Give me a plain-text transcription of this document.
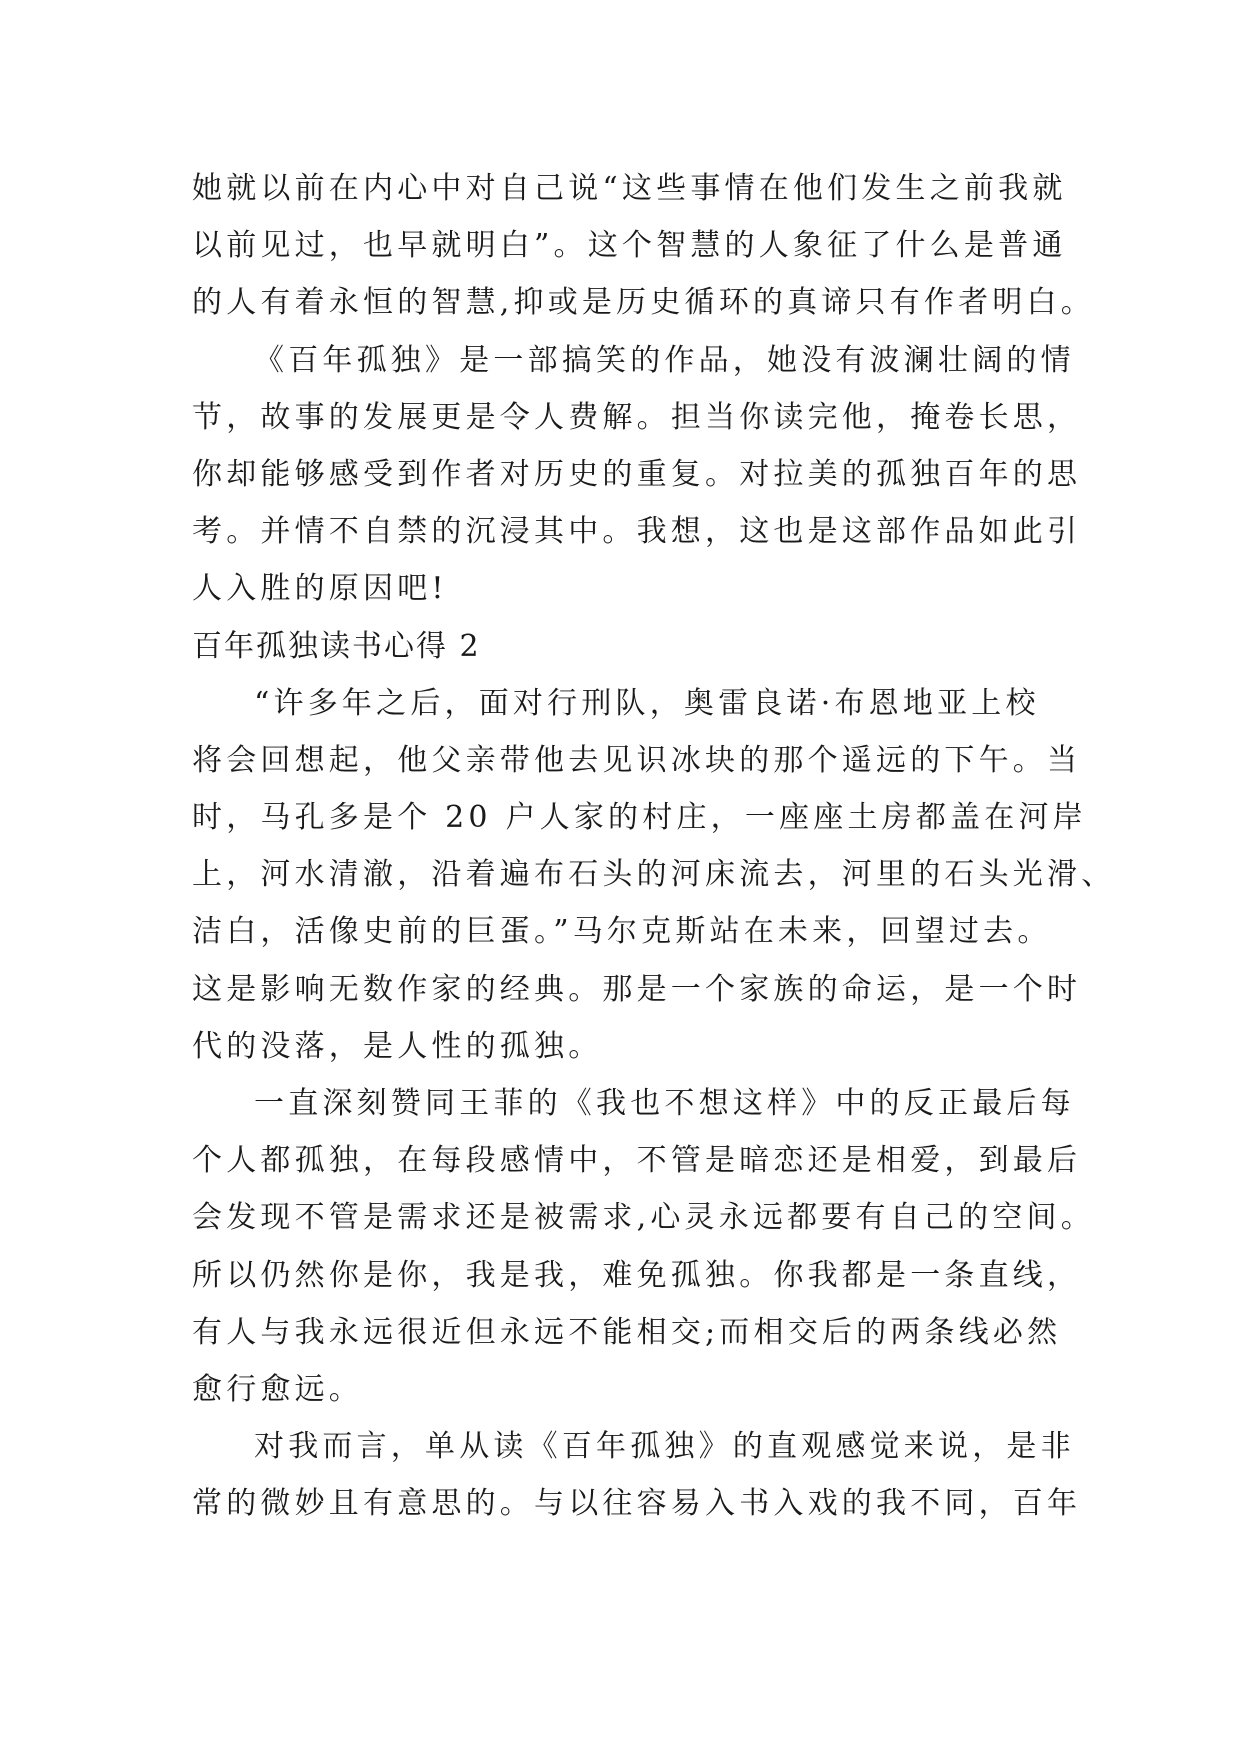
她就以前在内心中对自己说“这些事情在他们发生之前我就
以前见过，也早就明白”。这个智慧的人象征了什么是普通
的人有着永恒的智慧,抑或是历史循环的真谛只有作者明白。
《百年孤独》是一部搞笑的作品，她没有波澜壮阔的情
节，故事的发展更是令人费解。担当你读完他，掩卷长思，
你却能够感受到作者对历史的重复。对拉美的孤独百年的思
考。并情不自禁的沉浸其中。我想，这也是这部作品如此引
人入胜的原因吧!
百年孤独读书心得 2
“许多年之后，面对行刑队，奥雷良诺·布恩地亚上校
将会回想起，他父亲带他去见识冰块的那个遥远的下午。当
时，马孔多是个 20 户人家的村庄，一座座土房都盖在河岸
上，河水清澈，沿着遍布石头的河床流去，河里的石头光滑、
洁白，活像史前的巨蛋。”马尔克斯站在未来，回望过去。
这是影响无数作家的经典。那是一个家族的命运，是一个时
代的没落，是人性的孤独。
一直深刻赞同王菲的《我也不想这样》中的反正最后每
个人都孤独，在每段感情中，不管是暗恋还是相爱，到最后
会发现不管是需求还是被需求,心灵永远都要有自己的空间。
所以仍然你是你，我是我，难免孤独。你我都是一条直线，
有人与我永远很近但永远不能相交;而相交后的两条线必然
愈行愈远。
对我而言，单从读《百年孤独》的直观感觉来说，是非
常的微妙且有意思的。与以往容易入书入戏的我不同，百年
